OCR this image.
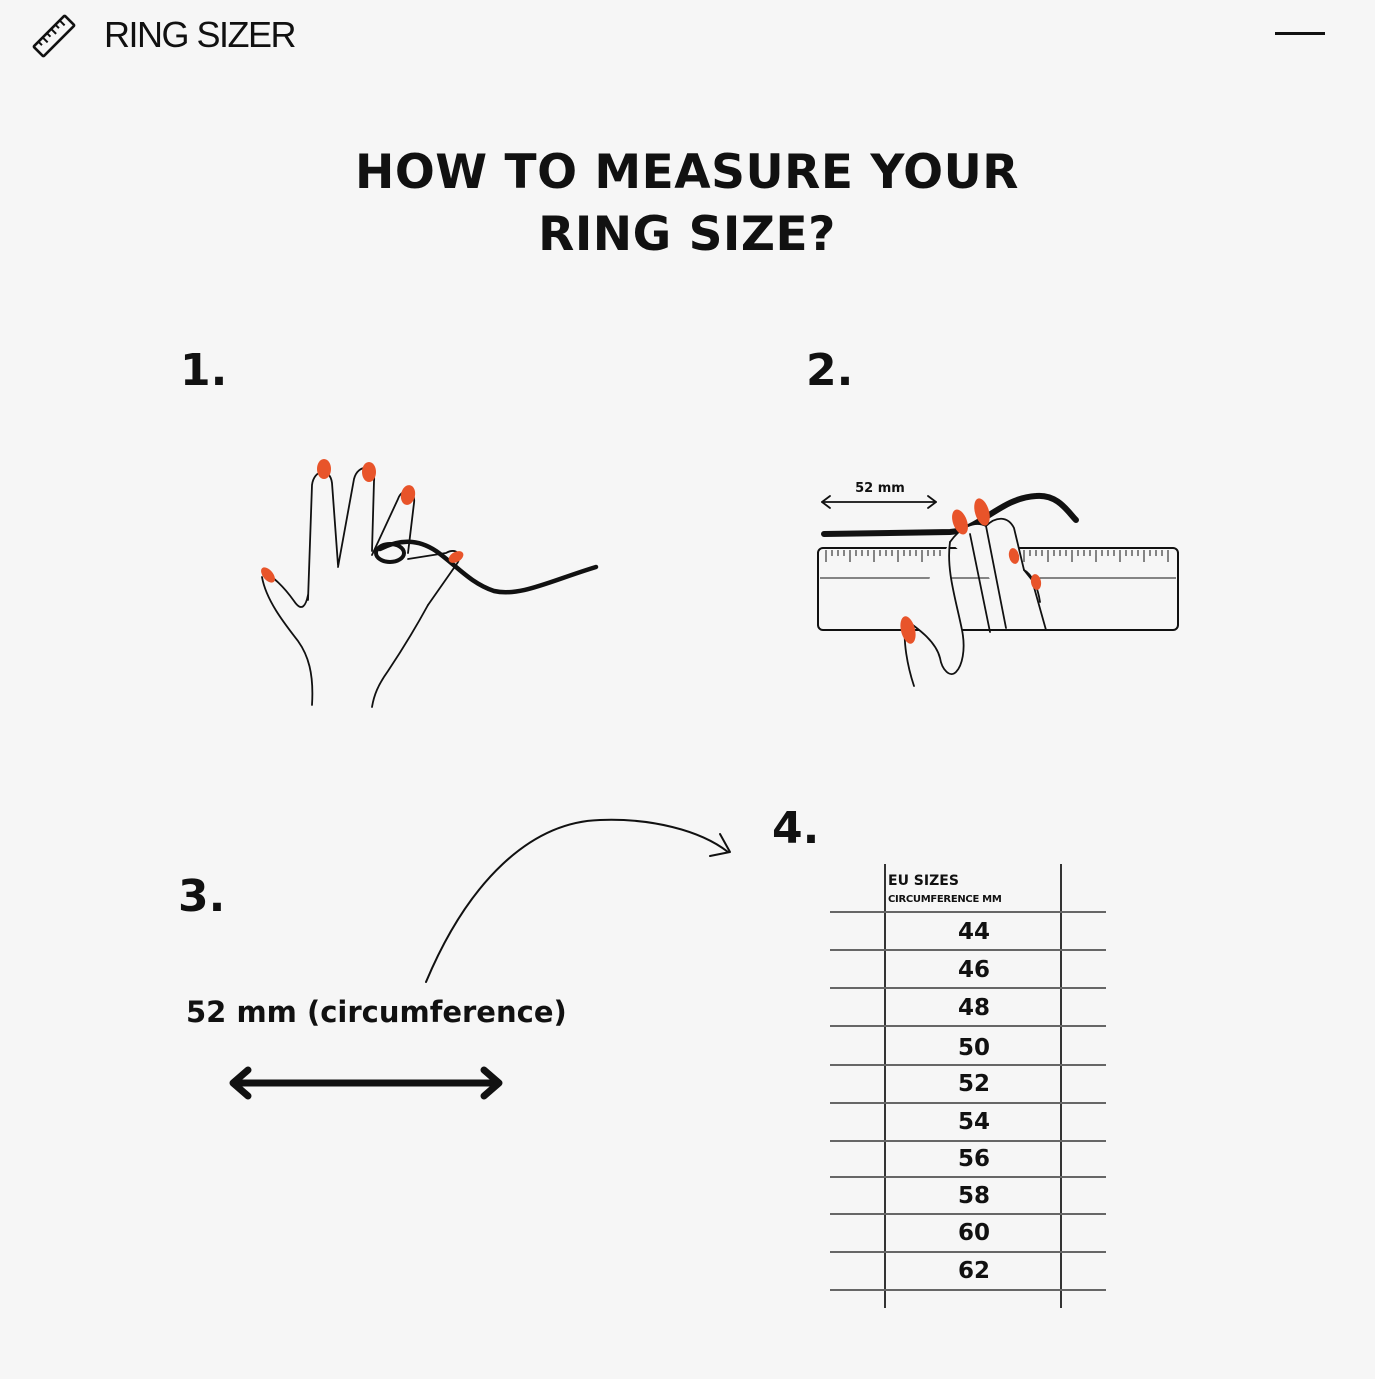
RING SIZER
HOW TO MEASURE YOUR
RING SIZE?
1.	2.
52 mm
3.
52 mm (circumference)
4.
EU SIZES
CIRCUMFERENCE MM
44
46
48
50
52
54
56
58
60
62
